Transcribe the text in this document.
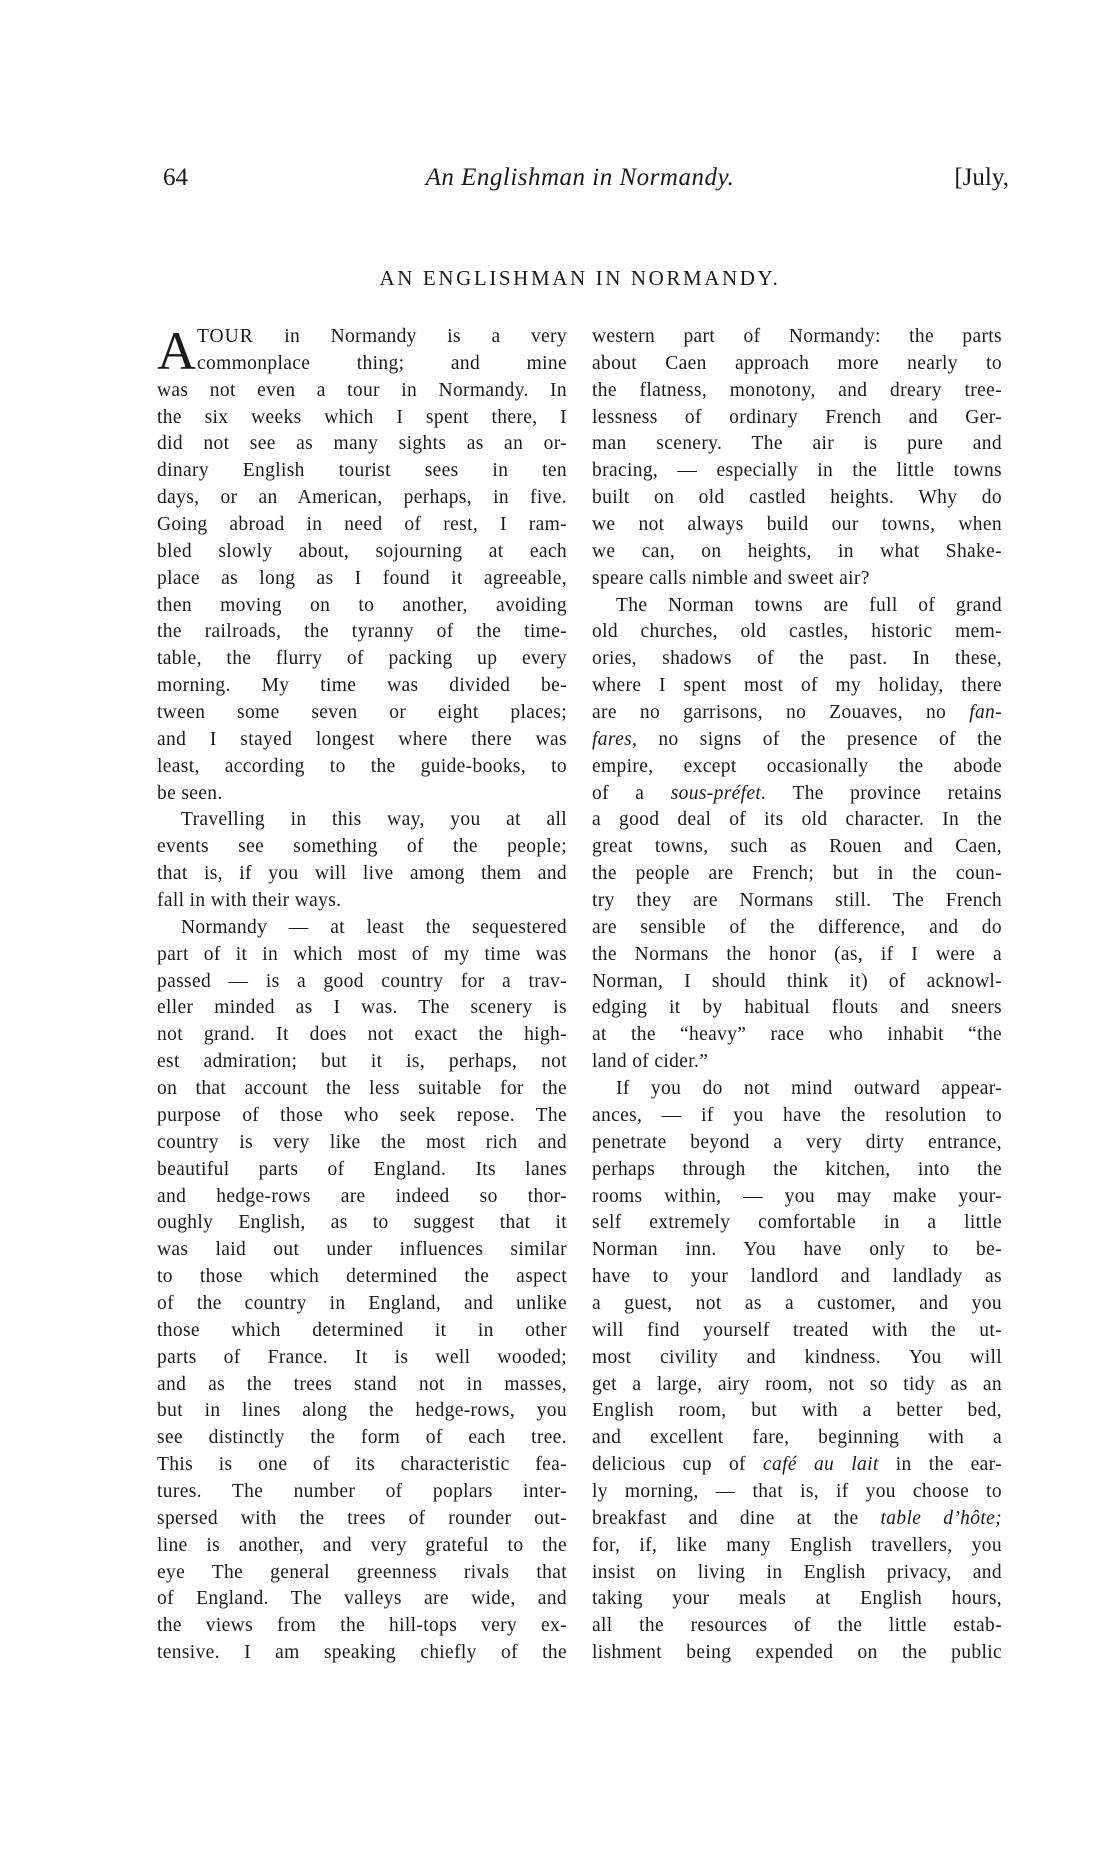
64	An Englishman in Normandy.	[July,
AN ENGLISHMAN IN NORMANDY.
A TOUR in Normandy is a very
commonplace thing; and mine
was not even a tour in Normandy. In
the six weeks which I spent there, I
did not see as many sights as an or-
dinary English tourist sees in ten
days, or an American, perhaps, in five.
Going abroad in need of rest, I ram-
bled slowly about, sojourning at each
place as long as I found it agreeable,
then moving on to another, avoiding
the railroads, the tyranny of the time-
table, the flurry of packing up every
morning. My time was divided be-
tween some seven or eight places;
and I stayed longest where there was
least, according to the guide-books, to
be seen.
Travelling in this way, you at all
events see something of the people;
that is, if you will live among them and
fall in with their ways.
Normandy — at least the sequestered
part of it in which most of my time was
passed — is a good country for a trav-
eller minded as I was. The scenery is
not grand. It does not exact the high-
est admiration; but it is, perhaps, not
on that account the less suitable for the
purpose of those who seek repose. The
country is very like the most rich and
beautiful parts of England. Its lanes
and hedge-rows are indeed so thor-
oughly English, as to suggest that it
was laid out under influences similar
to those which determined the aspect
of the country in England, and unlike
those which determined it in other
parts of France. It is well wooded;
and as the trees stand not in masses,
but in lines along the hedge-rows, you
see distinctly the form of each tree.
This is one of its characteristic fea-
tures. The number of poplars inter-
spersed with the trees of rounder out-
line is another, and very grateful to the
eye The general greenness rivals that
of England. The valleys are wide, and
the views from the hill-tops very ex-
tensive. I am speaking chiefly of the
western part of Normandy: the parts
about Caen approach more nearly to
the flatness, monotony, and dreary tree-
lessness of ordinary French and Ger-
man scenery. The air is pure and
bracing, — especially in the little towns
built on old castled heights. Why do
we not always build our towns, when
we can, on heights, in what Shake-
speare calls nimble and sweet air?
The Norman towns are full of grand
old churches, old castles, historic mem-
ories, shadows of the past. In these,
where I spent most of my holiday, there
are no garrisons, no Zouaves, no fan-
fares, no signs of the presence of the
empire, except occasionally the abode
of a sous-préfet. The province retains
a good deal of its old character. In the
great towns, such as Rouen and Caen,
the people are French; but in the coun-
try they are Normans still. The French
are sensible of the difference, and do
the Normans the honor (as, if I were a
Norman, I should think it) of acknowl-
edging it by habitual flouts and sneers
at the “heavy” race who inhabit “the
land of cider.”
If you do not mind outward appear-
ances, — if you have the resolution to
penetrate beyond a very dirty entrance,
perhaps through the kitchen, into the
rooms within, — you may make your-
self extremely comfortable in a little
Norman inn. You have only to be-
have to your landlord and landlady as
a guest, not as a customer, and you
will find yourself treated with the ut-
most civility and kindness. You will
get a large, airy room, not so tidy as an
English room, but with a better bed,
and excellent fare, beginning with a
delicious cup of café au lait in the ear-
ly morning, — that is, if you choose to
breakfast and dine at the table d’hôte;
for, if, like many English travellers, you
insist on living in English privacy, and
taking your meals at English hours,
all the resources of the little estab-
lishment being expended on the public
